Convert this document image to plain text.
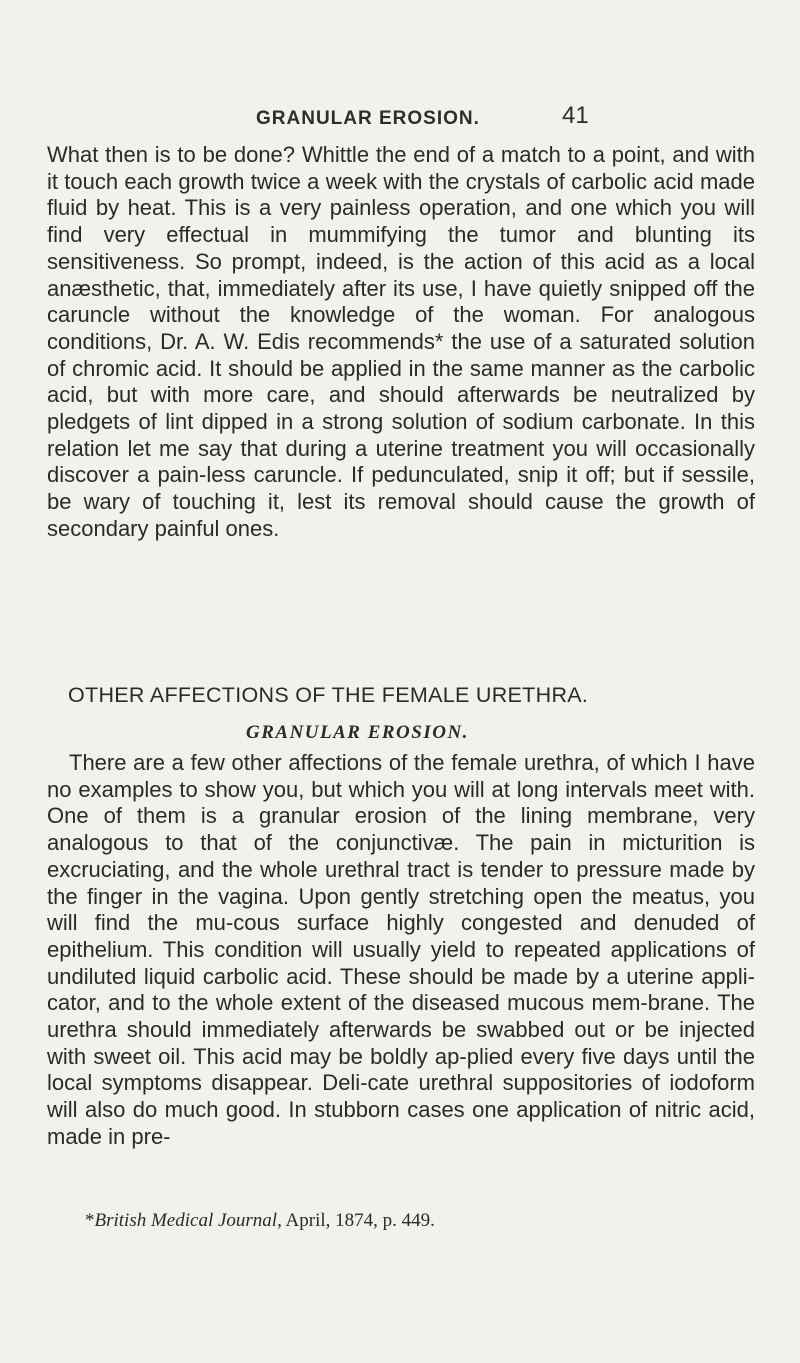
GRANULAR EROSION.	41

What then is to be done? Whittle the end of a match to a point, and with it touch each growth twice a week with the crystals of carbolic acid made fluid by heat. This is a very painless operation, and one which you will find very effectual in mummifying the tumor and blunting its sensitiveness. So prompt, indeed, is the action of this acid as a local anæsthetic, that, immediately after its use, I have quietly snipped off the caruncle without the knowledge of the woman. For analogous conditions, Dr. A. W. Edis recommends* the use of a saturated solution of chromic acid. It should be applied in the same manner as the carbolic acid, but with more care, and should afterwards be neutralized by pledgets of lint dipped in a strong solution of sodium carbonate. In this relation let me say that during a uterine treatment you will occasionally discover a pain-less caruncle. If pedunculated, snip it off; but if sessile, be wary of touching it, lest its removal should cause the growth of secondary painful ones.

OTHER AFFECTIONS OF THE FEMALE URETHRA.

GRANULAR EROSION.

There are a few other affections of the female urethra, of which I have no examples to show you, but which you will at long intervals meet with. One of them is a granular erosion of the lining membrane, very analogous to that of the conjunctivæ. The pain in micturition is excruciating, and the whole urethral tract is tender to pressure made by the finger in the vagina. Upon gently stretching open the meatus, you will find the mu-cous surface highly congested and denuded of epithelium. This condition will usually yield to repeated applications of undiluted liquid carbolic acid. These should be made by a uterine appli-cator, and to the whole extent of the diseased mucous mem-brane. The urethra should immediately afterwards be swabbed out or be injected with sweet oil. This acid may be boldly ap-plied every five days until the local symptoms disappear. Deli-cate urethral suppositories of iodoform will also do much good. In stubborn cases one application of nitric acid, made in pre-

*British Medical Journal, April, 1874, p. 449.
